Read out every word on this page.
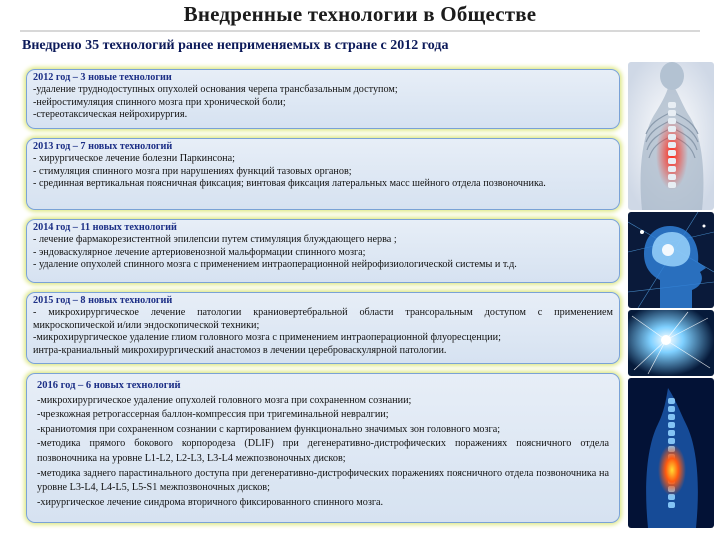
Внедренные технологии в Обществе
Внедрено 35 технологий ранее неприменяемых в стране с 2012 года
2012 год – 3 новые технологии
-удаление труднодоступных опухолей основания черепа трансбазальным доступом;
-нейростимуляция спинного мозга при хронической боли;
-стереотаксическая нейрохирургия.
2013 год – 7 новых технологий
- хирургическое лечение болезни Паркинсона;
- стимуляция спинного мозга при нарушениях функций тазовых органов;
- срединная вертикальная поясничная фиксация; винтовая фиксация латеральных масс шейного отдела позвоночника.
2014 год – 11 новых технологий
- лечение фармакорезистентной эпилепсии путем стимуляция блуждающего нерва ;
- эндоваскулярное лечение артериовенозной мальформации спинного мозга;
- удаление опухолей спинного мозга с применением интраоперационной нейрофизиологической системы и т.д.
2015 год – 8 новых технологий
- микрохирургическое лечение патологии краниовертебральной области трансоральным доступом с применением микроскопической и/или эндоскопической техники;
-микрохирургическое удаление глиом головного мозга с применением интраоперационной флуоресценции;
интра-краниальный микрохирургический анастомоз в лечении цереброваскулярной патологии.
2016 год – 6 новых технологий
-микрохирургическое удаление опухолей головного мозга при сохраненном сознании;
-чрезкожная ретрогассерная баллон-компрессия при тригеминальной невралгии;
-краниотомия при сохраненном сознании с картированием функционально значимых зон головного мозга;
-методика прямого бокового корпородеза (DLIF) при дегенеративно-дистрофических поражениях поясничного отдела позвоночника на уровне L1-L2, L2-L3, L3-L4 межпозвоночных дисков;
-методика заднего парастинального доступа при дегенеративно-дистрофических поражениях поясничного отдела позвоночника на уровне L3-L4, L4-L5, L5-S1 межпозвоночных дисков;
-хирургическое лечение синдрома вторичного фиксированного спинного мозга.
